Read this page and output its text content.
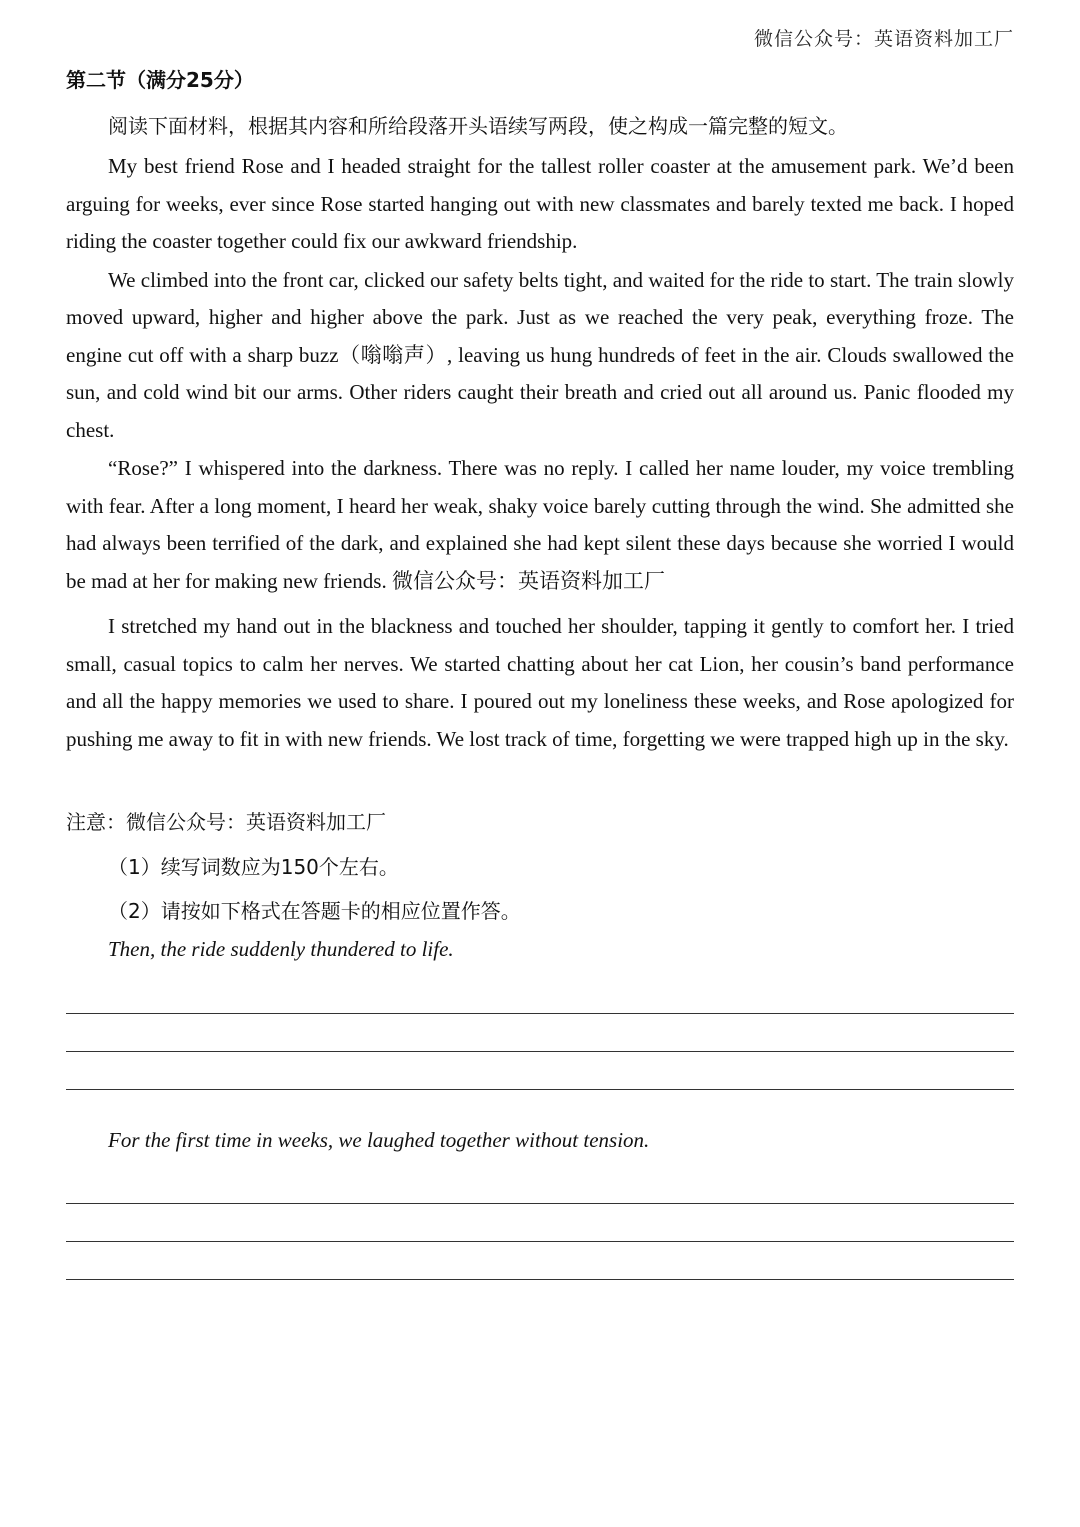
微信公众号：英语资料加工厂
第二节（满分25分）
阅读下面材料，根据其内容和所给段落开头语续写两段，使之构成一篇完整的短文。

My best friend Rose and I headed straight for the tallest roller coaster at the amusement park. We’d been arguing for weeks, ever since Rose started hanging out with new classmates and barely texted me back. I hoped riding the coaster together could fix our awkward friendship.

We climbed into the front car, clicked our safety belts tight, and waited for the ride to start. The train slowly moved upward, higher and higher above the park. Just as we reached the very peak, everything froze. The engine cut off with a sharp buzz（嗡嗡声）, leaving us hung hundreds of feet in the air. Clouds swallowed the sun, and cold wind bit our arms. Other riders caught their breath and cried out all around us. Panic flooded my chest.

“Rose?” I whispered into the darkness. There was no reply. I called her name louder, my voice trembling with fear. After a long moment, I heard her weak, shaky voice barely cutting through the wind. She admitted she had always been terrified of the dark, and explained she had kept silent these days because she worried I would be mad at her for making new friends. 微信公众号：英语资料加工厂

I stretched my hand out in the blackness and touched her shoulder, tapping it gently to comfort her. I tried small, casual topics to calm her nerves. We started chatting about her cat Lion, her cousin’s band performance and all the happy memories we used to share. I poured out my loneliness these weeks, and Rose apologized for pushing me away to fit in with new friends. We lost track of time, forgetting we were trapped high up in the sky.

注意：微信公众号：英语资料加工厂
（1）续写词数应为150个左右。
（2）请按如下格式在答题卡的相应位置作答。
Then, the ride suddenly thundered to life.
For the first time in weeks, we laughed together without tension.
